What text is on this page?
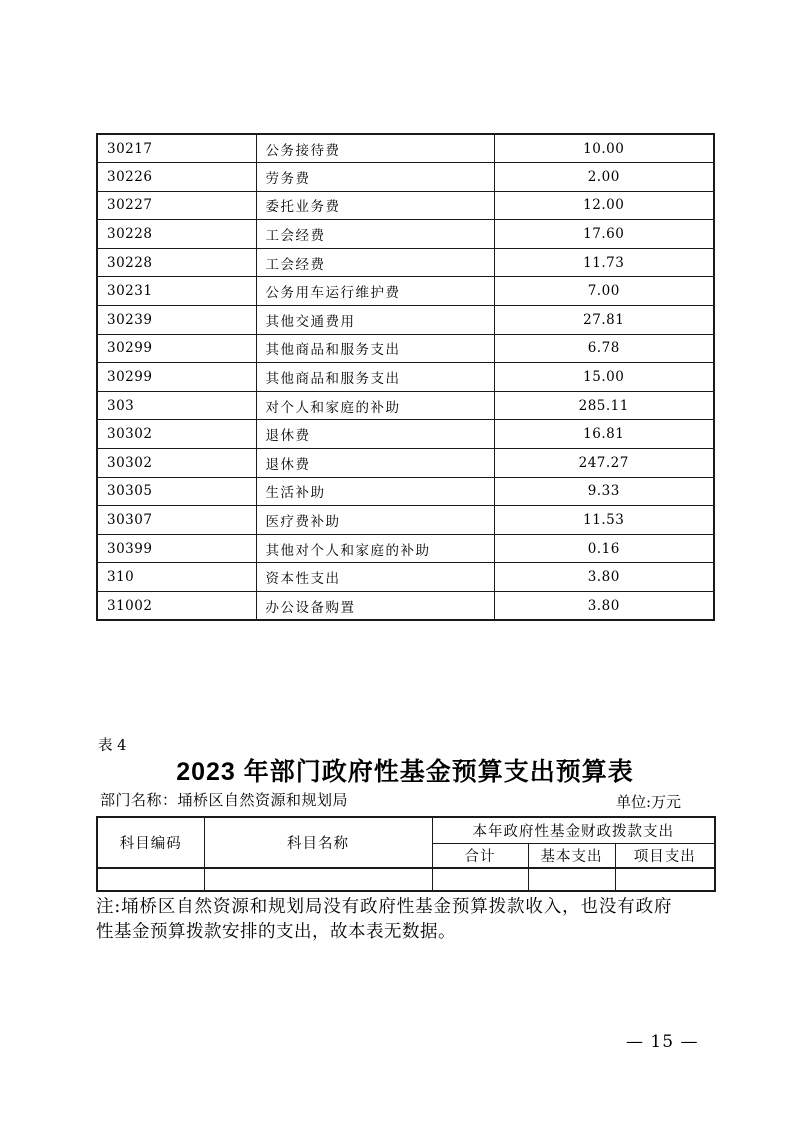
30217	公务接待费	10.00
30226	劳务费	2.00
30227	委托业务费	12.00
30228	工会经费	17.60
30228	工会经费	11.73
30231	公务用车运行维护费	7.00
30239	其他交通费用	27.81
30299	其他商品和服务支出	6.78
30299	其他商品和服务支出	15.00
303	对个人和家庭的补助	285.11
30302	退休费	16.81
30302	退休费	247.27
30305	生活补助	9.33
30307	医疗费补助	11.53
30399	其他对个人和家庭的补助	0.16
310	资本性支出	3.80
31002	办公设备购置	3.80
表 4
2023 年部门政府性基金预算支出预算表
部门名称：埇桥区自然资源和规划局	单位:万元
科目编码	科目名称	本年政府性基金财政拨款支出		
		合计	基本支出	项目支出

注:埇桥区自然资源和规划局没有政府性基金预算拨款收入，也没有政府性基金预算拨款安排的支出，故本表无数据。
— 15 —
